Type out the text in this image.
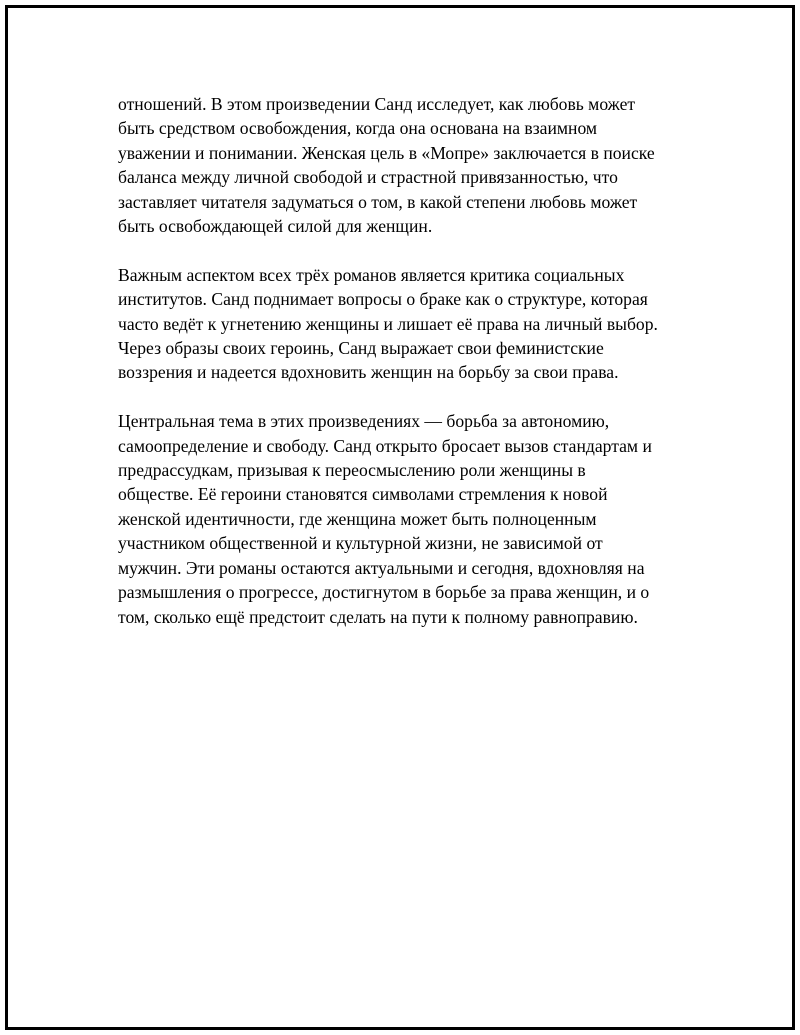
отношений. В этом произведении Санд исследует, как любовь может

быть средством освобождения, когда она основана на взаимном

уважении и понимании. Женская цель в «Мопре» заключается в поиске

баланса между личной свободой и страстной привязанностью, что

заставляет читателя задуматься о том, в какой степени любовь может

быть освобождающей силой для женщин.

Важным аспектом всех трёх романов является критика социальных

институтов. Санд поднимает вопросы о браке как о структуре, которая

часто ведёт к угнетению женщины и лишает её права на личный выбор.

Через образы своих героинь, Санд выражает свои феминистские

воззрения и надеется вдохновить женщин на борьбу за свои права.

Центральная тема в этих произведениях — борьба за автономию,

самоопределение и свободу. Санд открыто бросает вызов стандартам и

предрассудкам, призывая к переосмыслению роли женщины в

обществе. Её героини становятся символами стремления к новой

женской идентичности, где женщина может быть полноценным

участником общественной и культурной жизни, не зависимой от

мужчин. Эти романы остаются актуальными и сегодня, вдохновляя на

размышления о прогрессе, достигнутом в борьбе за права женщин, и о

том, сколько ещё предстоит сделать на пути к полному равноправию.
